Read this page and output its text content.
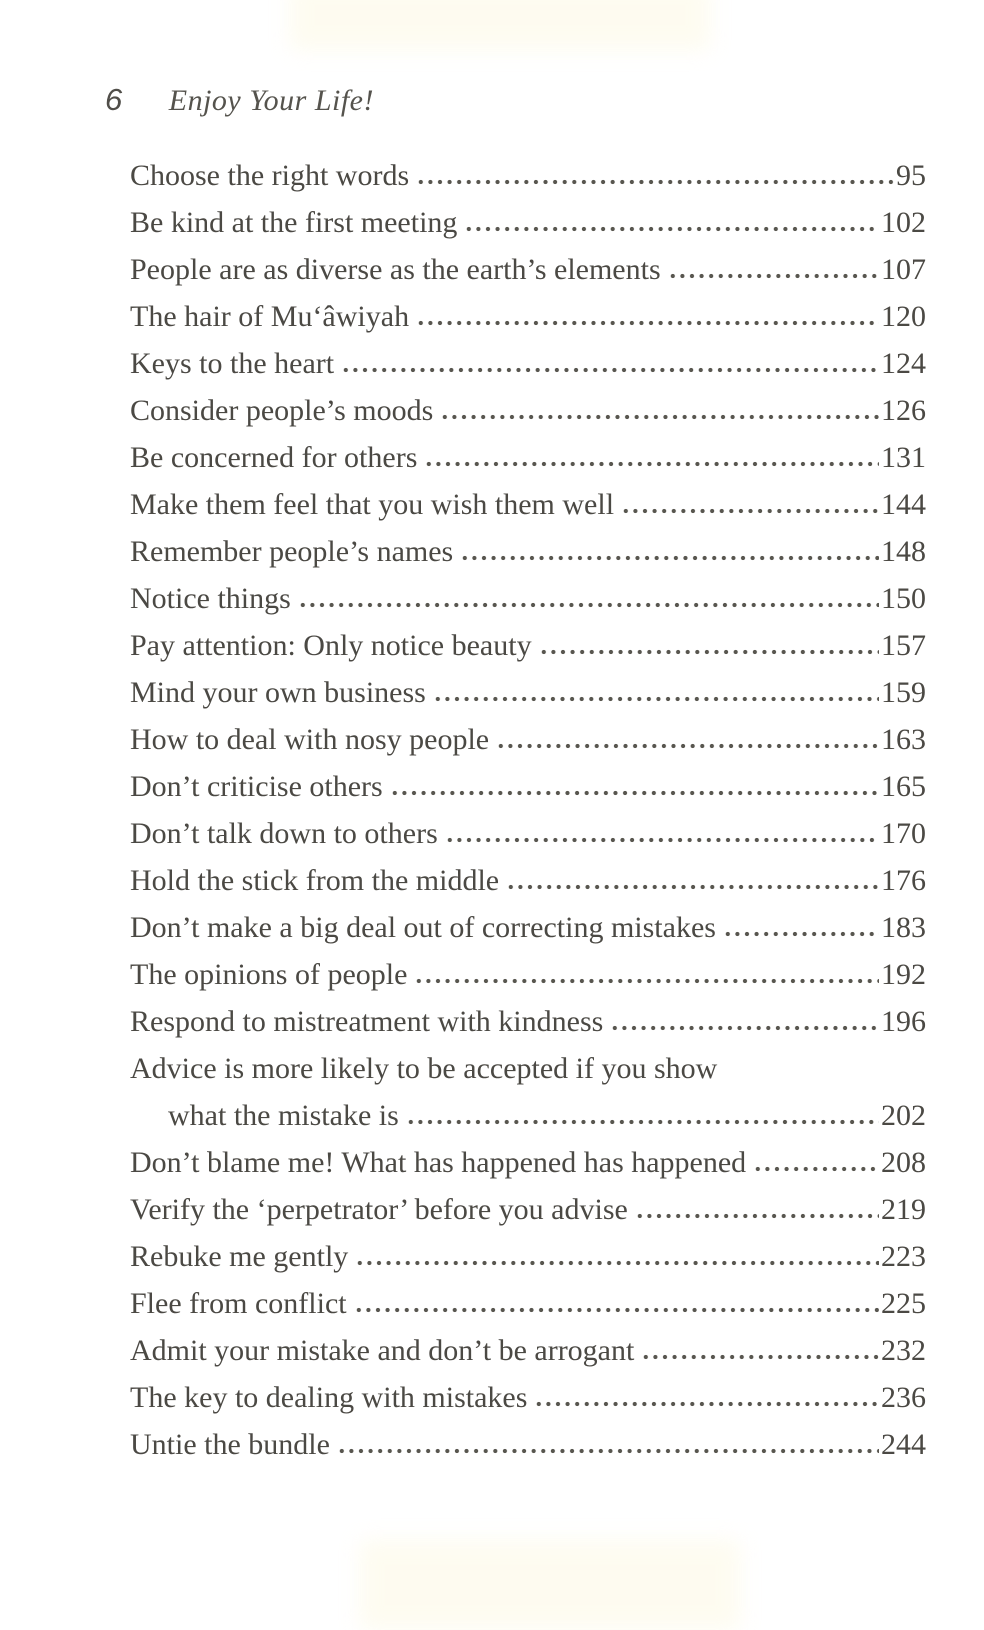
6 Enjoy Your Life!
Choose the right words	95
Be kind at the first meeting	102
People are as diverse as the earth’s elements	107
The hair of Mu‘âwiyah	120
Keys to the heart	124
Consider people’s moods	126
Be concerned for others	131
Make them feel that you wish them well	144
Remember people’s names	148
Notice things	150
Pay attention: Only notice beauty	157
Mind your own business	159
How to deal with nosy people	163
Don’t criticise others	165
Don’t talk down to others	170
Hold the stick from the middle	176
Don’t make a big deal out of correcting mistakes	183
The opinions of people	192
Respond to mistreatment with kindness	196
Advice is more likely to be accepted if you show
what the mistake is	202
Don’t blame me! What has happened has happened	208
Verify the ‘perpetrator’ before you advise	219
Rebuke me gently	223
Flee from conflict	225
Admit your mistake and don’t be arrogant	232
The key to dealing with mistakes	236
Untie the bundle	244
